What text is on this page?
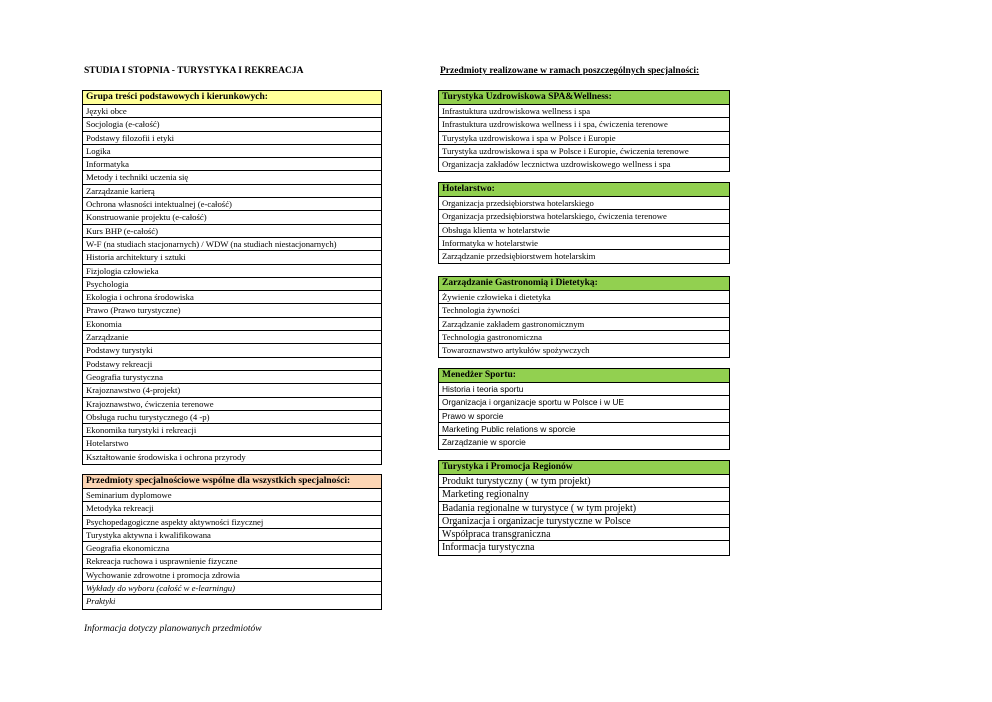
STUDIA I STOPNIA - TURYSTYKA I REKREACJA	Przedmioty realizowane w ramach poszczególnych specjalności:
Grupa treści podstawowych i kierunkowych:
Języki obce
Socjologia (e-całość)
Podstawy filozofii i etyki
Logika
Informatyka
Metody i techniki uczenia się
Zarządzanie karierą
Ochrona własności intektualnej (e-całość)
Konstruowanie projektu (e-całość)
Kurs BHP (e-całość)
W-F (na studiach stacjonarnych) / WDW (na studiach niestacjonarnych)
Historia architektury i sztuki
Fizjologia człowieka
Psychologia
Ekologia i ochrona środowiska
Prawo (Prawo turystyczne)
Ekonomia
Zarządzanie
Podstawy turystyki
Podstawy rekreacji
Geografia turystyczna
Krajoznawstwo (4-projekt)
Krajoznawstwo, ćwiczenia terenowe
Obsługa ruchu turystycznego (4 -p)
Ekonomika turystyki i rekreacji
Hotelarstwo
Kształtowanie środowiska i ochrona przyrody
Przedmioty specjalnościowe wspólne dla wszystkich specjalności:
Seminarium dyplomowe
Metodyka rekreacji
Psychopedagogiczne aspekty aktywności fizycznej
Turystyka aktywna i kwalifikowana
Geografia ekonomiczna
Rekreacja ruchowa i usprawnienie fizyczne
Wychowanie zdrowotne i promocja zdrowia
Wykłady do wyboru (całość w e-learningu)
Praktyki
Turystyka Uzdrowiskowa SPA&Wellness:
Infrastuktura uzdrowiskowa wellness i spa
Infrastuktura uzdrowiskowa wellness i i spa, ćwiczenia terenowe
Turystyka uzdrowiskowa i spa w Polsce i Europie
Turystyka uzdrowiskowa i spa w Polsce i Europie, ćwiczenia terenowe
Organizacja zakładów lecznictwa uzdrowiskowego wellness i spa
Hotelarstwo:
Organizacja przedsiębiorstwa hotelarskiego
Organizacja przedsiębiorstwa hotelarskiego, ćwiczenia terenowe
Obsługa klienta w hotelarstwie
Informatyka w hotelarstwie
Zarządzanie przedsiębiorstwem hotelarskim
Zarządzanie Gastronomią i Dietetyką:
Żywienie człowieka i dietetyka
Technologia żywności
Zarządzanie zakładem gastronomicznym
Technologia gastronomiczna
Towaroznawstwo artykułów spożywczych
Menedżer Sportu:
Historia i teoria sportu
Organizacja i organizacje sportu w Polsce i w UE
Prawo w sporcie
Marketing Public relations w sporcie
Zarządzanie w sporcie
Turystyka i Promocja Regionów
Produkt turystyczny ( w tym projekt)
Marketing regionalny
Badania regionalne w turystyce ( w tym projekt)
Organizacja i organizacje turystyczne w Polsce
Współpraca transgraniczna
Informacja turystyczna
Informacja dotyczy planowanych przedmiotów
